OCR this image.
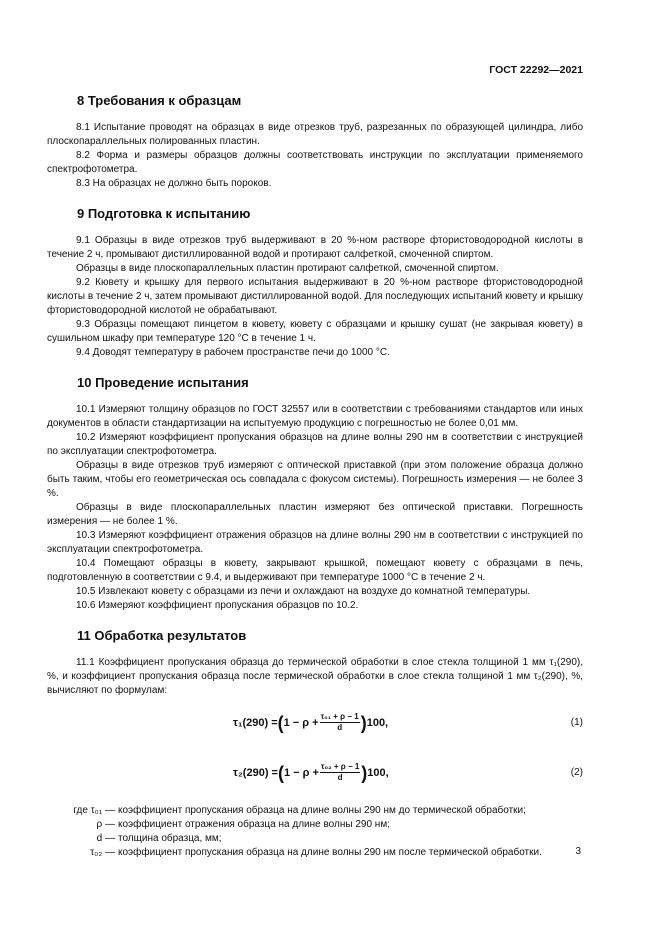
ГОСТ 22292—2021
8 Требования к образцам

8.1 Испытание проводят на образцах в виде отрезков труб, разрезанных по образующей цилиндра, либо плоскопараллельных полированных пластин.

8.2 Форма и размеры образцов должны соответствовать инструкции по эксплуатации применяемого спектрофотометра.

8.3 На образцах не должно быть пороков.

9 Подготовка к испытанию

9.1 Образцы в виде отрезков труб выдерживают в 20 %-ном растворе фтористоводородной кислоты в течение 2 ч, промывают дистиллированной водой и протирают салфеткой, смоченной спиртом.

Образцы в виде плоскопараллельных пластин протирают салфеткой, смоченной спиртом.

9.2 Кювету и крышку для первого испытания выдерживают в 20 %-ном растворе фтористоводородной кислоты в течение 2 ч, затем промывают дистиллированной водой. Для последующих испытаний кювету и крышку фтористоводородной кислотой не обрабатывают.

9.3 Образцы помещают пинцетом в кювету, кювету с образцами и крышку сушат (не закрывая кювету) в сушильном шкафу при температуре 120 °С в течение 1 ч.

9.4 Доводят температуру в рабочем пространстве печи до 1000 °С.

10 Проведение испытания

10.1 Измеряют толщину образцов по ГОСТ 32557 или в соответствии с требованиями стандартов или иных документов в области стандартизации на испытуемую продукцию с погрешностью не более 0,01 мм.

10.2 Измеряют коэффициент пропускания образцов на длине волны 290 нм в соответствии с инструкцией по эксплуатации спектрофотометра.

Образцы в виде отрезков труб измеряют с оптической приставкой (при этом положение образца должно быть таким, чтобы его геометрическая ось совпадала с фокусом системы). Погрешность измерения — не более 3 %.

Образцы в виде плоскопараллельных пластин измеряют без оптической приставки. Погрешность измерения — не более 1 %.

10.3 Измеряют коэффициент отражения образцов на длине волны 290 нм в соответствии с инструкцией по эксплуатации спектрофотометра.

10.4 Помещают образцы в кювету, закрывают крышкой, помещают кювету с образцами в печь, подготовленную в соответствии с 9.4, и выдерживают при температуре 1000 °С в течение 2 ч.

10.5 Извлекают кювету с образцами из печи и охлаждают на воздухе до комнатной температуры.

10.6 Измеряют коэффициент пропускания образцов по 10.2.

11 Обработка результатов

11.1 Коэффициент пропускания образца до термической обработки в слое стекла толщиной 1 мм τ₁(290), %, и коэффициент пропускания образца после термической обработки в слое стекла толщиной 1 мм τ₂(290), %, вычисляют по формулам:

τ₁(290) = ( $1 - \rho + \frac{\text{τ₀₁ + ρ − 1}}{d}$ ) 100,	(1)
τ₂(290) = ( $1 - \rho + \frac{\text{τ₀₂ + ρ − 1}}{d}$ ) 100,	(2)
где τ₀₁ — коэффициент пропускания образца на длине волны 290 нм до термической обработки;
ρ — коэффициент отражения образца на длине волны 290 нм;
d — толщина образца, мм;
τ₀₂ — коэффициент пропускания образца на длине волны 290 нм после термической обработки.	3
